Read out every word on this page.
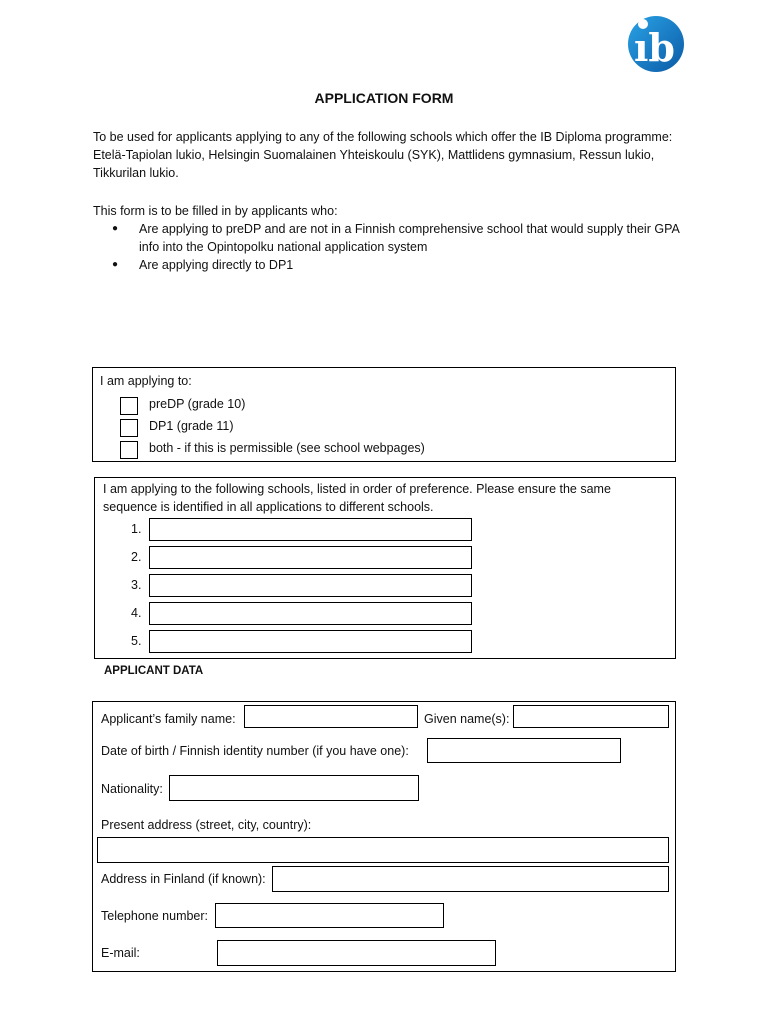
ıb
APPLICATION FORM
To be used for applicants applying to any of the following schools which offer the IB Diploma programme: Etelä-Tapiolan lukio, Helsingin Suomalainen Yhteiskoulu (SYK), Mattlidens gymnasium, Ressun lukio, Tikkurilan lukio.
This form is to be filled in by applicants who:
● Are applying to preDP and are not in a Finnish comprehensive school that would supply their GPA info into the Opintopolku national application system
● Are applying directly to DP1
I am applying to:
preDP (grade 10)
DP1 (grade 11)
both - if this is permissible (see school webpages)
I am applying to the following schools, listed in order of preference. Please ensure the same sequence is identified in all applications to different schools.
1.
2.
3.
4.
5.
APPLICANT DATA
Applicant’s family name:	Given name(s):
Date of birth / Finnish identity number (if you have one):
Nationality:
Present address (street, city, country):
Address in Finland (if known):
Telephone number:
E-mail:
